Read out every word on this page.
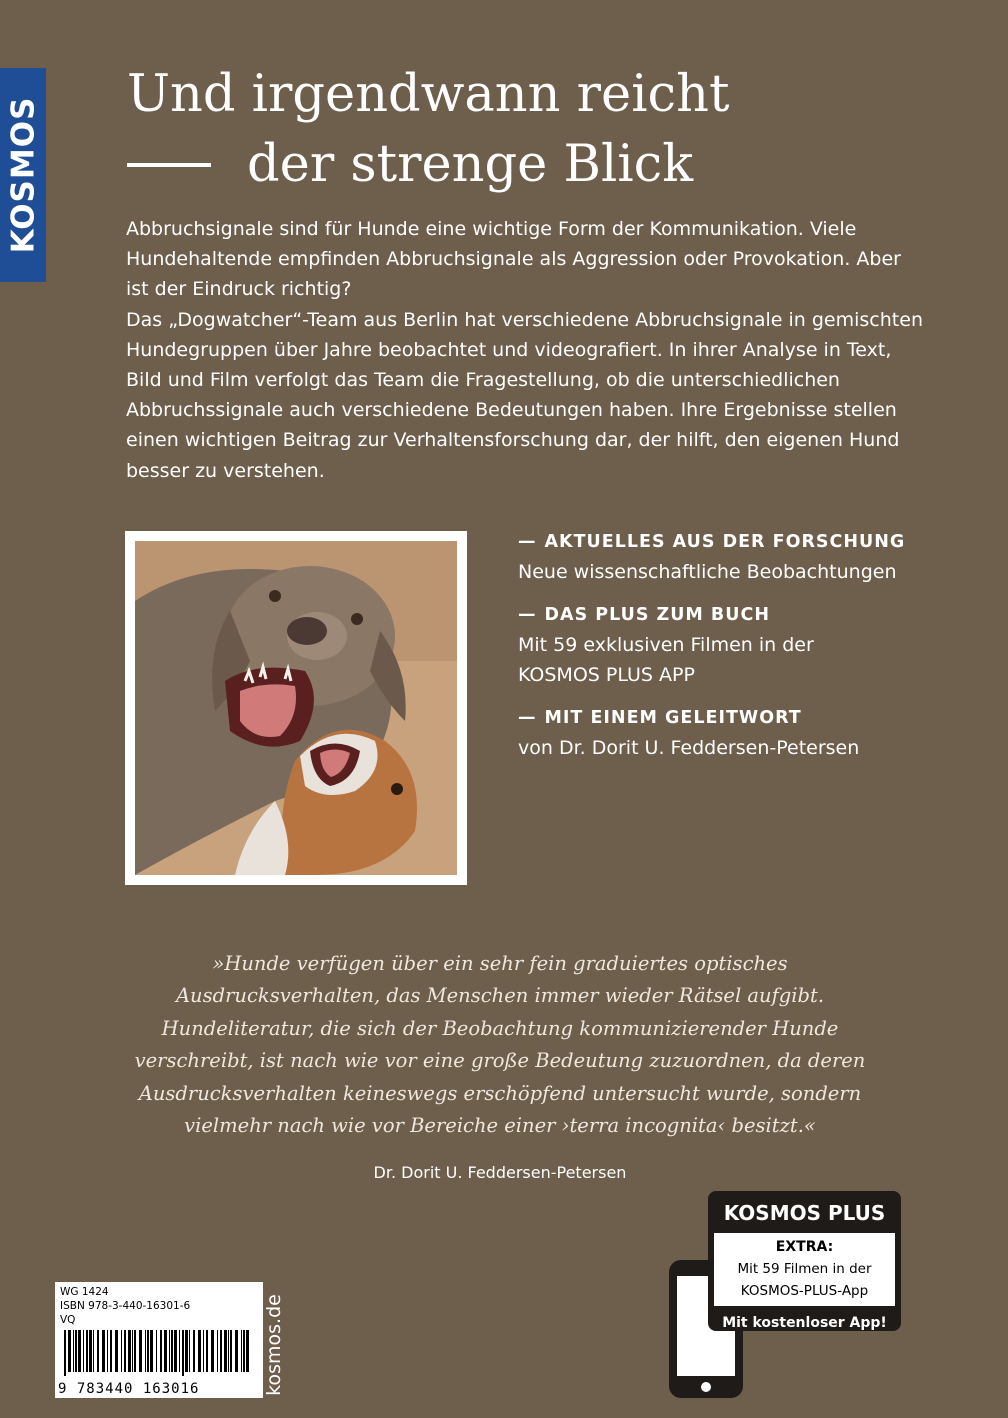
KOSMOS
Und irgendwann reicht
der strenge Blick

Abbruchsignale sind für Hunde eine wichtige Form der Kommunikation. Viele Hundehaltende empfinden Abbruchsignale als Aggression oder Provokation. Aber ist der Eindruck richtig?

Das „Dogwatcher“-Team aus Berlin hat verschiedene Abbruchsignale in gemischten Hundegruppen über Jahre beobachtet und videografiert. In ihrer Analyse in Text, Bild und Film verfolgt das Team die Fragestellung, ob die unterschiedlichen Abbruchssignale auch verschiedene Bedeutungen haben. Ihre Ergebnisse stellen einen wichtigen Beitrag zur Verhaltensforschung dar, der hilft, den eigenen Hund besser zu verstehen.

— AKTUELLES AUS DER FORSCHUNG
Neue wissenschaftliche Beobachtungen
— DAS PLUS ZUM BUCH
Mit 59 exklusiven Filmen in der KOSMOS PLUS APP
— MIT EINEM GELEITWORT
von Dr. Dorit U. Feddersen-Petersen

»Hunde verfügen über ein sehr fein graduiertes optisches Ausdrucksverhalten, das Menschen immer wieder Rätsel aufgibt. Hundeliteratur, die sich der Beobachtung kommunizierender Hunde verschreibt, ist nach wie vor eine große Bedeutung zuzuordnen, da deren Ausdrucksverhalten keineswegs erschöpfend untersucht wurde, sondern vielmehr nach wie vor Bereiche einer ›terra incognita‹ besitzt.«

Dr. Dorit U. Feddersen-Petersen
WG 1424
ISBN 978-3-440-16301-6
VQ
9 783440 163016	kosmos.de
KOSMOS PLUS
EXTRA:
Mit 59 Filmen in der
KOSMOS-PLUS-App
Mit kostenloser App!
